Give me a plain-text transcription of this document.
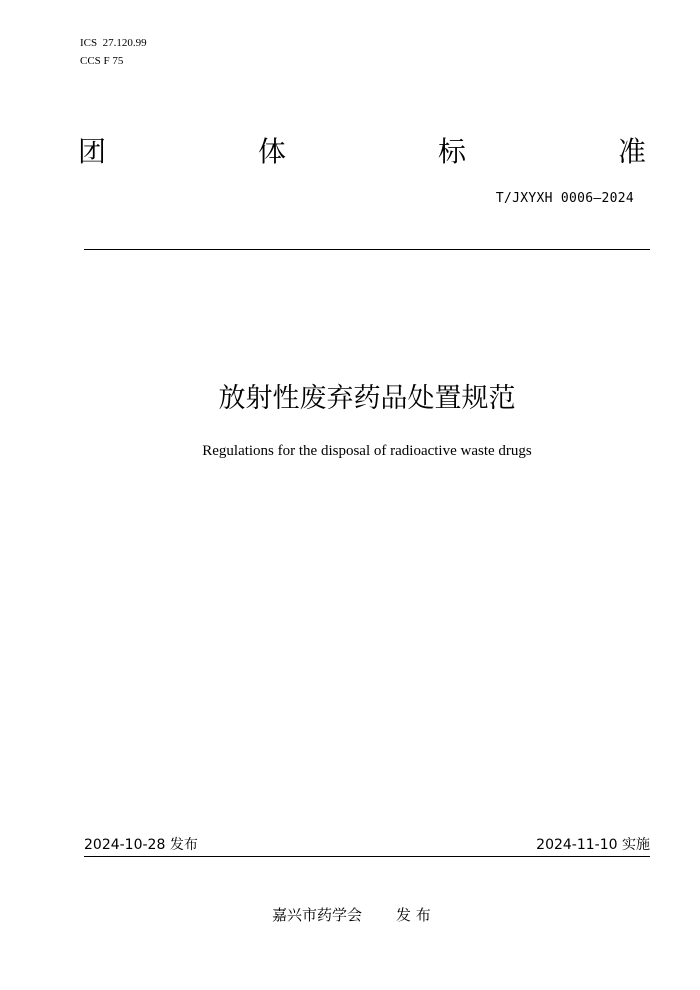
ICS 27.120.99
CCS F 75
团	体	标	准
T/JXYXH 0006—2024
放射性废弃药品处置规范
Regulations for the disposal of radioactive waste drugs
2024-10-28 发布	2024-11-10 实施
嘉兴市药学会 发 布
